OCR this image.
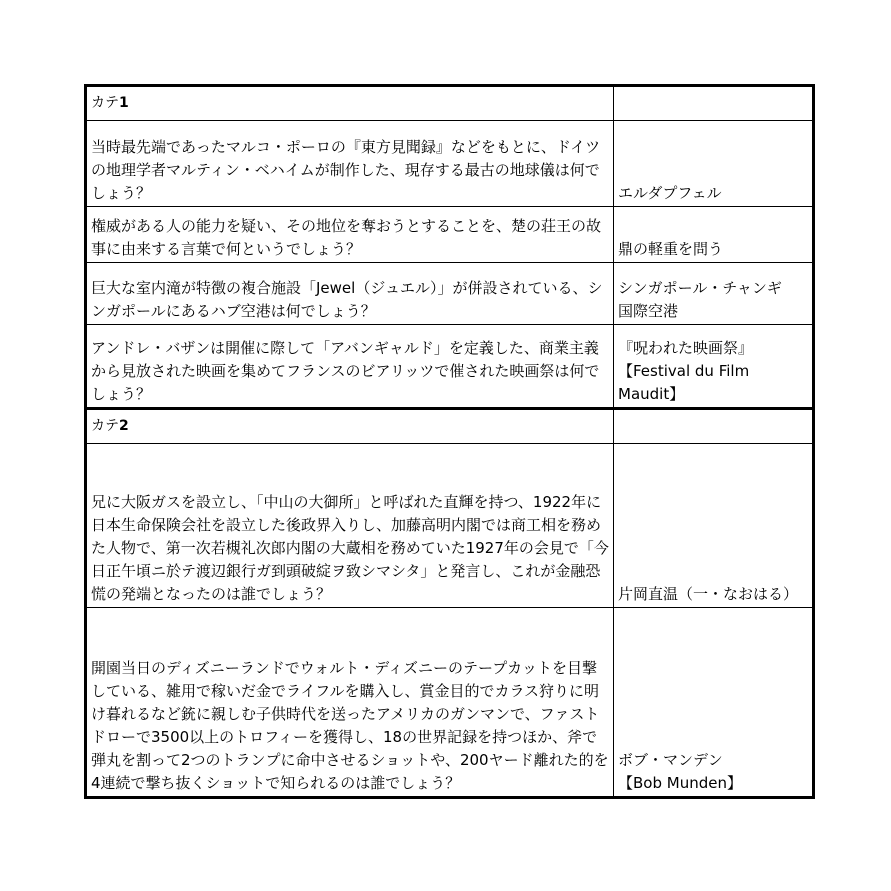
カテ1	
当時最先端であったマルコ・ポーロの『東方見聞録』などをもとに、ドイツの地理学者マルティン・ベハイムが制作した、現存する最古の地球儀は何でしょう？	エルダプフェル

権威がある人の能力を疑い、その地位を奪おうとすることを、楚の荘王の故事に由来する言葉で何というでしょう？	鼎の軽重を問う

巨大な室内滝が特徴の複合施設「Jewel（ジュエル）」が併設されている、シンガポールにあるハブ空港は何でしょう？	シンガポール・チャンギ
国際空港

アンドレ・バザンは開催に際して「アバンギャルド」を定義した、商業主義から見放された映画を集めてフランスのビアリッツで催された映画祭は何でしょう？	『呪われた映画祭』
【Festival du Film
Maudit】

カテ2	
兄に大阪ガスを設立し、「中山の大御所」と呼ばれた直輝を持つ、1922年に日本生命保険会社を設立した後政界入りし、加藤高明内閣では商工相を務めた人物で、第一次若槻礼次郎内閣の大蔵相を務めていた1927年の会見で「今日正午頃ニ於テ渡辺銀行ガ到頭破綻ヲ致シマシタ」と発言し、これが金融恐慌の発端となったのは誰でしょう？	片岡直温（一・なおはる）

開園当日のディズニーランドでウォルト・ディズニーのテープカットを目撃している、雑用で稼いだ金でライフルを購入し、賞金目的でカラス狩りに明け暮れるなど銃に親しむ子供時代を送ったアメリカのガンマンで、ファストドローで3500以上のトロフィーを獲得し、18の世界記録を持つほか、斧で弾丸を割って2つのトランプに命中させるショットや、200ヤード離れた的を4連続で撃ち抜くショットで知られるのは誰でしょう？	ボブ・マンデン
【Bob Munden】
